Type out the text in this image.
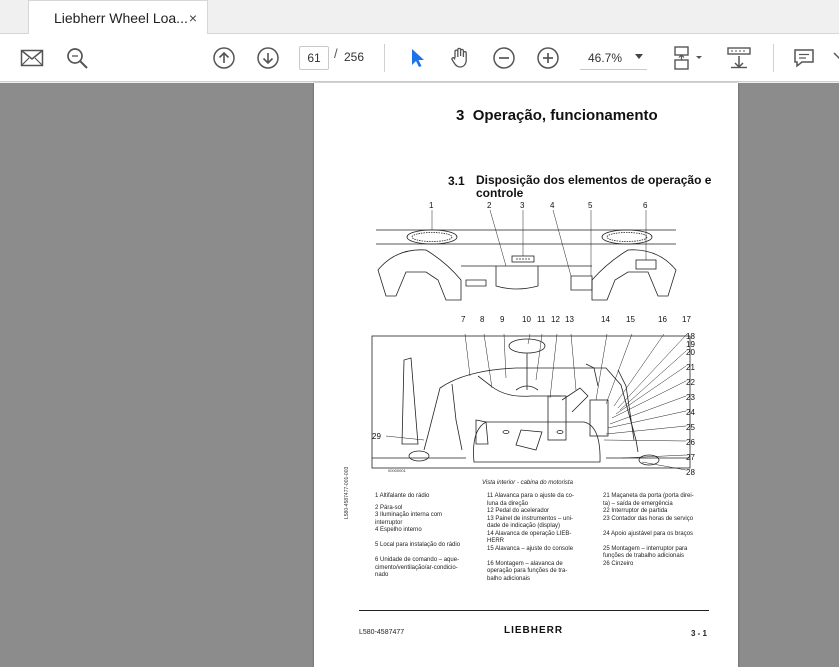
Liebherr Wheel Loa... ×
61	/ 256	46.7%
3 Operação, funcionamento
3.1 Disposição dos elementos de operação e controle
1	2	3	4	5	6
7 8 9 10 11 12 13	14 15	16 17
18
19
20
21
22
23
24
25
26
27
28
29
00000001
Vista interior - cabina do motorista
L580-4587477-001-003	1 Altifalante do rádio
2 Pára-sol
3 Iluminação interna com
interruptor
4 Espelho interno
5 Local para instalação do rádio
6 Unidade de comando – aque-
cimento/ventilação/ar-condicio-
nado
11 Alavanca para o ajuste da co-
luna da direção
12 Pedal do acelerador
13 Painel de instrumentos – uni-
dade de indicação (display)
14 Alavanca de operação LIEB-
HERR
15 Alavanca – ajuste do console
16 Montagem – alavanca de
operação para funções de tra-
balho adicionais
21 Maçaneta da porta (porta direi-
ta) – saída de emergência
22 Interruptor de partida
23 Contador das horas de serviço
24 Apoio ajustável para os braços
25 Montagem – interruptor para
funções de trabalho adicionais
26 Cinzeiro
L580-4587477	LIEBHERR	3 - 1
